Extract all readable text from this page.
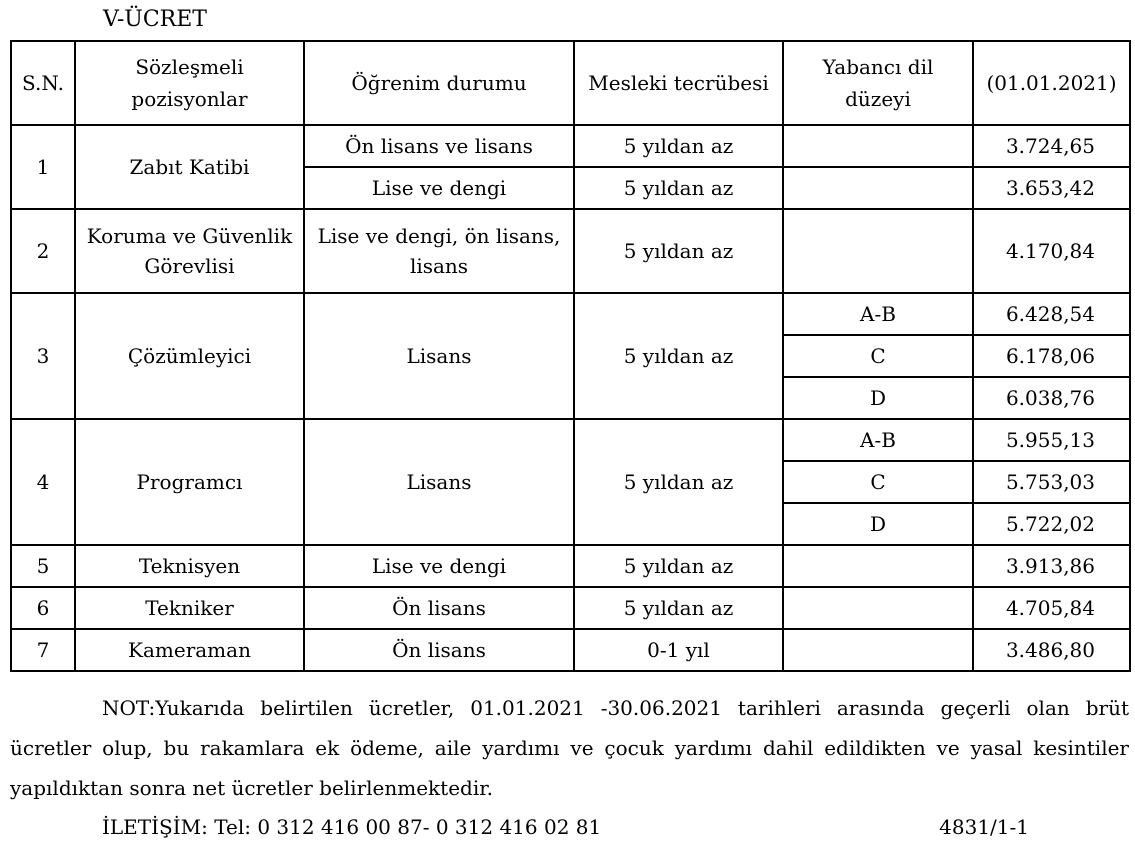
V-ÜCRET
S.N.	Sözleşmeli pozisyonlar	Öğrenim durumu	Mesleki tecrübesi	Yabancı dil düzeyi	(01.01.2021)
1	Zabıt Katibi	Ön lisans ve lisans	5 yıldan az		3.724,65
		Lise ve dengi	5 yıldan az		3.653,42
2	Koruma ve Güvenlik Görevlisi	Lise ve dengi, ön lisans, lisans	5 yıldan az		4.170,84
3	Çözümleyici	Lisans	5 yıldan az	A-B	6.428,54
				C	6.178,06
				D	6.038,76
4	Programcı	Lisans	5 yıldan az	A-B	5.955,13
				C	5.753,03
				D	5.722,02
5	Teknisyen	Lise ve dengi	5 yıldan az		3.913,86
6	Tekniker	Ön lisans	5 yıldan az		4.705,84
7	Kameraman	Ön lisans	0-1 yıl		3.486,80
NOT:Yukarıda belirtilen ücretler, 01.01.2021 -30.06.2021 tarihleri arasında geçerli olan brüt ücretler olup, bu rakamlara ek ödeme, aile yardımı ve çocuk yardımı dahil edildikten ve yasal kesintiler yapıldıktan sonra net ücretler belirlenmektedir.
İLETİŞİM: Tel: 0 312 416 00 87- 0 312 416 02 81	4831/1-1
